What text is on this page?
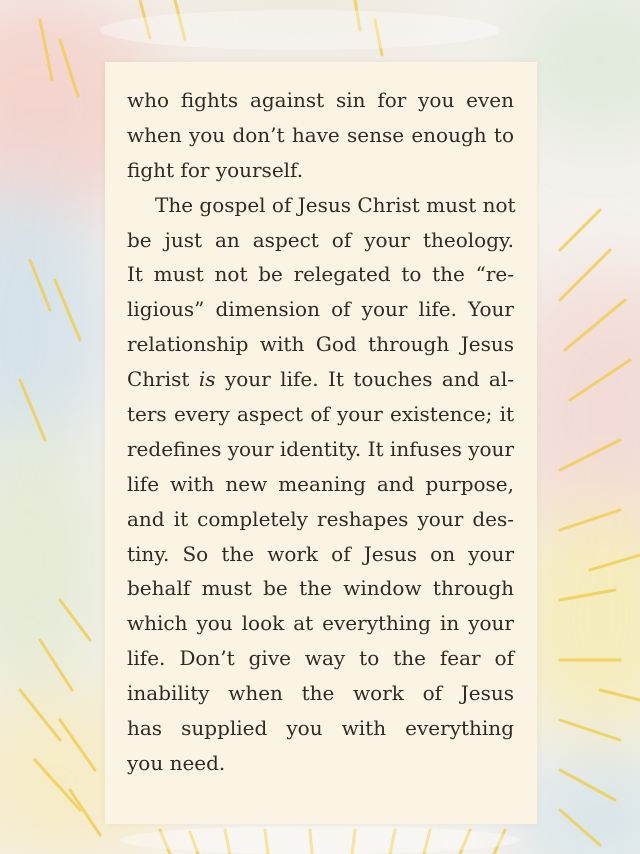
who fights against sin for you even
when you don’t have sense enough to
fight for yourself.
The gospel of Jesus Christ must not
be just an aspect of your theology.
It must not be relegated to the “re-
ligious” dimension of your life. Your
relationship with God through Jesus
Christ is your life. It touches and al-
ters every aspect of your existence; it
redefines your identity. It infuses your
life with new meaning and purpose,
and it completely reshapes your des-
tiny. So the work of Jesus on your
behalf must be the window through
which you look at everything in your
life. Don’t give way to the fear of
inability when the work of Jesus
has supplied you with everything
you need.
